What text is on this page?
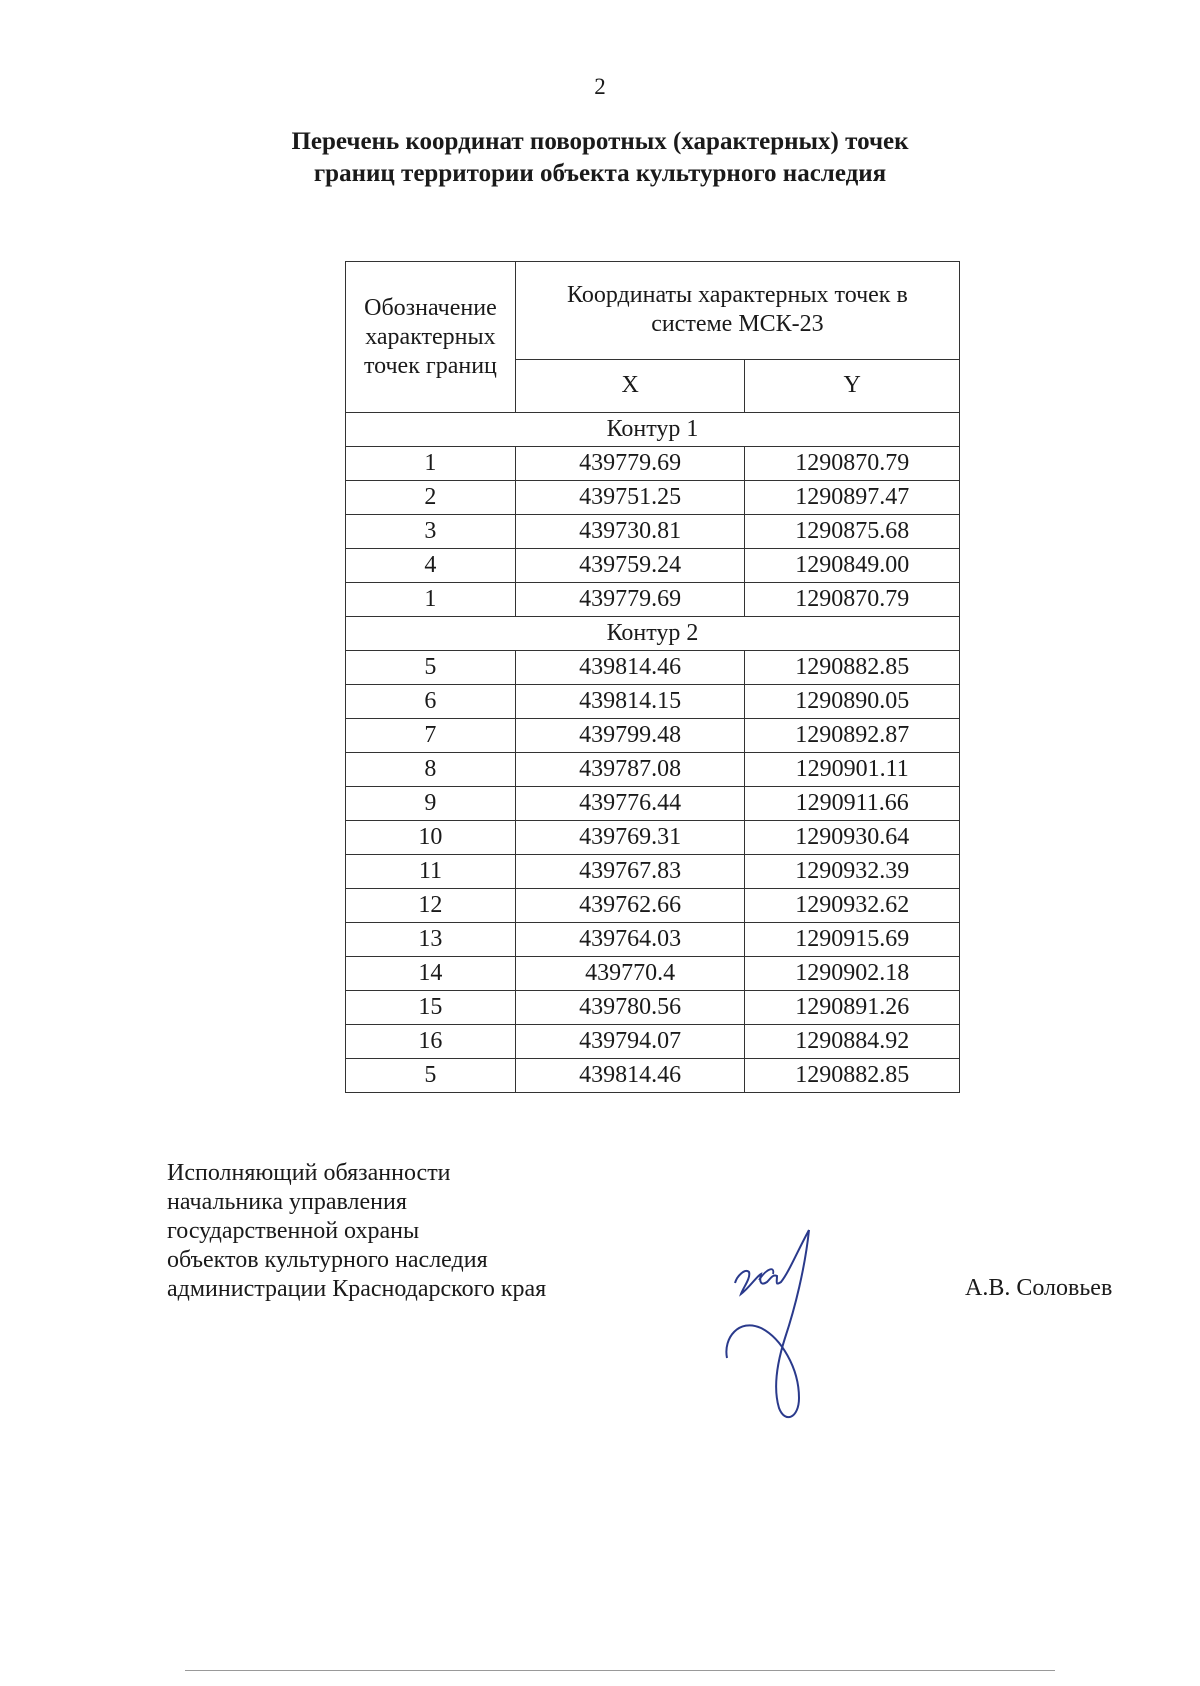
2
Перечень координат поворотных (характерных) точек
границ территории объекта культурного наследия
Обозначение
характерных
точек границ	Координаты характерных точек в
системе МСК-23	

	X	Y
Контур 1		
1	439779.69	1290870.79
2	439751.25	1290897.47
3	439730.81	1290875.68
4	439759.24	1290849.00
1	439779.69	1290870.79
Контур 2		
5	439814.46	1290882.85
6	439814.15	1290890.05
7	439799.48	1290892.87
8	439787.08	1290901.11
9	439776.44	1290911.66
10	439769.31	1290930.64
11	439767.83	1290932.39
12	439762.66	1290932.62
13	439764.03	1290915.69
14	439770.4	1290902.18
15	439780.56	1290891.26
16	439794.07	1290884.92
5	439814.46	1290882.85
Исполняющий обязанности
начальника управления
государственной охраны
объектов культурного наследия
администрации Краснодарского края	А.В. Соловьев
